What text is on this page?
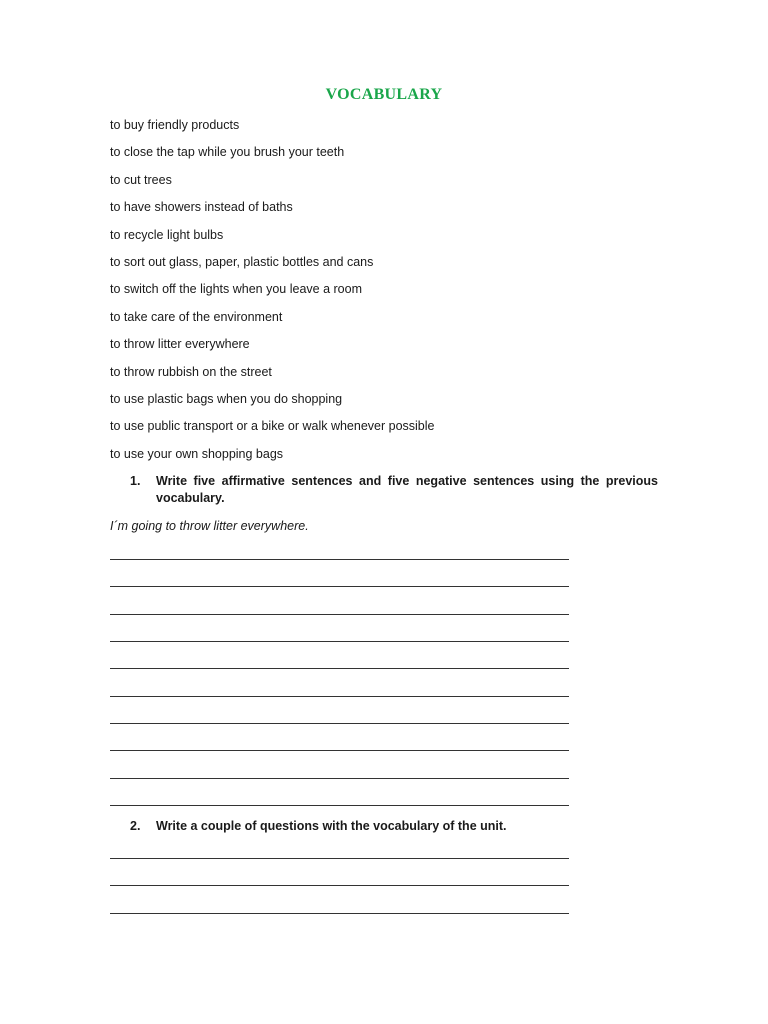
VOCABULARY
to buy friendly products
to close the tap while you brush your teeth
to cut trees
to have showers instead of baths
to recycle light bulbs
to sort out glass, paper, plastic bottles and cans
to switch off the lights when you leave a room
to take care of the environment
to throw litter everywhere
to throw rubbish on the street
to use plastic bags when you do shopping
to use public transport or a bike or walk whenever possible
to use your own shopping bags
1. Write five affirmative sentences and five negative sentences using the previous vocabulary.
I´m going to throw litter everywhere.
2. Write a couple of questions with the vocabulary of the unit.
